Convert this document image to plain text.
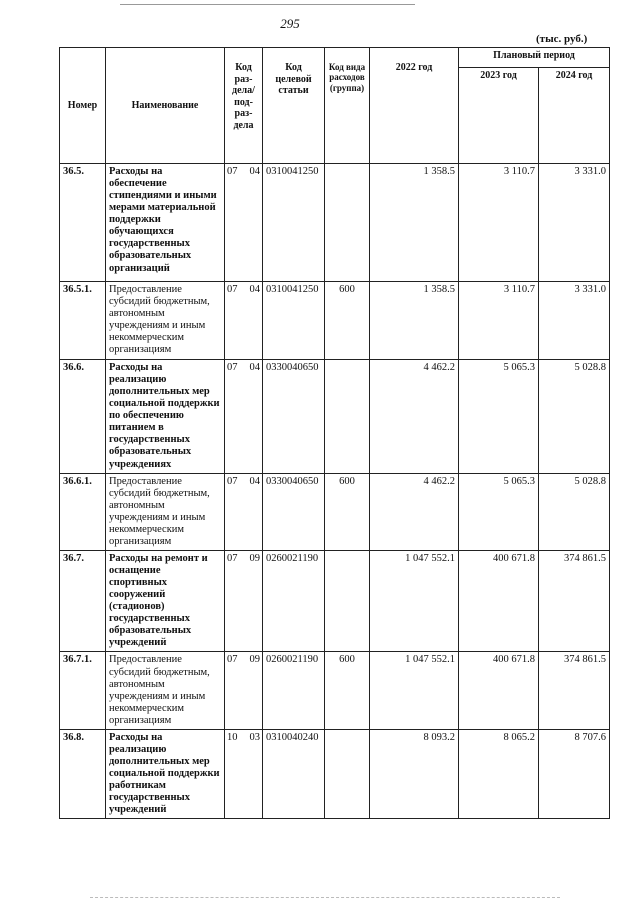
295
(тыс. руб.)
Номер	Наименование	Код раз-дела/ под-раз-дела	Код целевой статьи	Код вида расходов (группа)	2022 год	Плановый период	
						2023 год	2024 год
36.5.	Расходы на обеспечение стипендиями и иными мерами материальной поддержки обучающихся государственных образовательных организаций	07 04	0310041250		1 358.5	3 110.7	3 331.0
36.5.1.	Предоставление субсидий бюджетным, автономным учреждениям и иным некоммерческим организациям	07 04	0310041250	600	1 358.5	3 110.7	3 331.0
36.6.	Расходы на реализацию дополнительных мер социальной поддержки по обеспечению питанием в государственных образовательных учреждениях	07 04	0330040650		4 462.2	5 065.3	5 028.8
36.6.1.	Предоставление субсидий бюджетным, автономным учреждениям и иным некоммерческим организациям	07 04	0330040650	600	4 462.2	5 065.3	5 028.8
36.7.	Расходы на ремонт и оснащение спортивных сооружений (стадионов) государственных образовательных учреждений	07 09	0260021190		1 047 552.1	400 671.8	374 861.5
36.7.1.	Предоставление субсидий бюджетным, автономным учреждениям и иным некоммерческим организациям	07 09	0260021190	600	1 047 552.1	400 671.8	374 861.5
36.8.	Расходы на реализацию дополнительных мер социальной поддержки работникам государственных учреждений	10 03	0310040240		8 093.2	8 065.2	8 707.6
